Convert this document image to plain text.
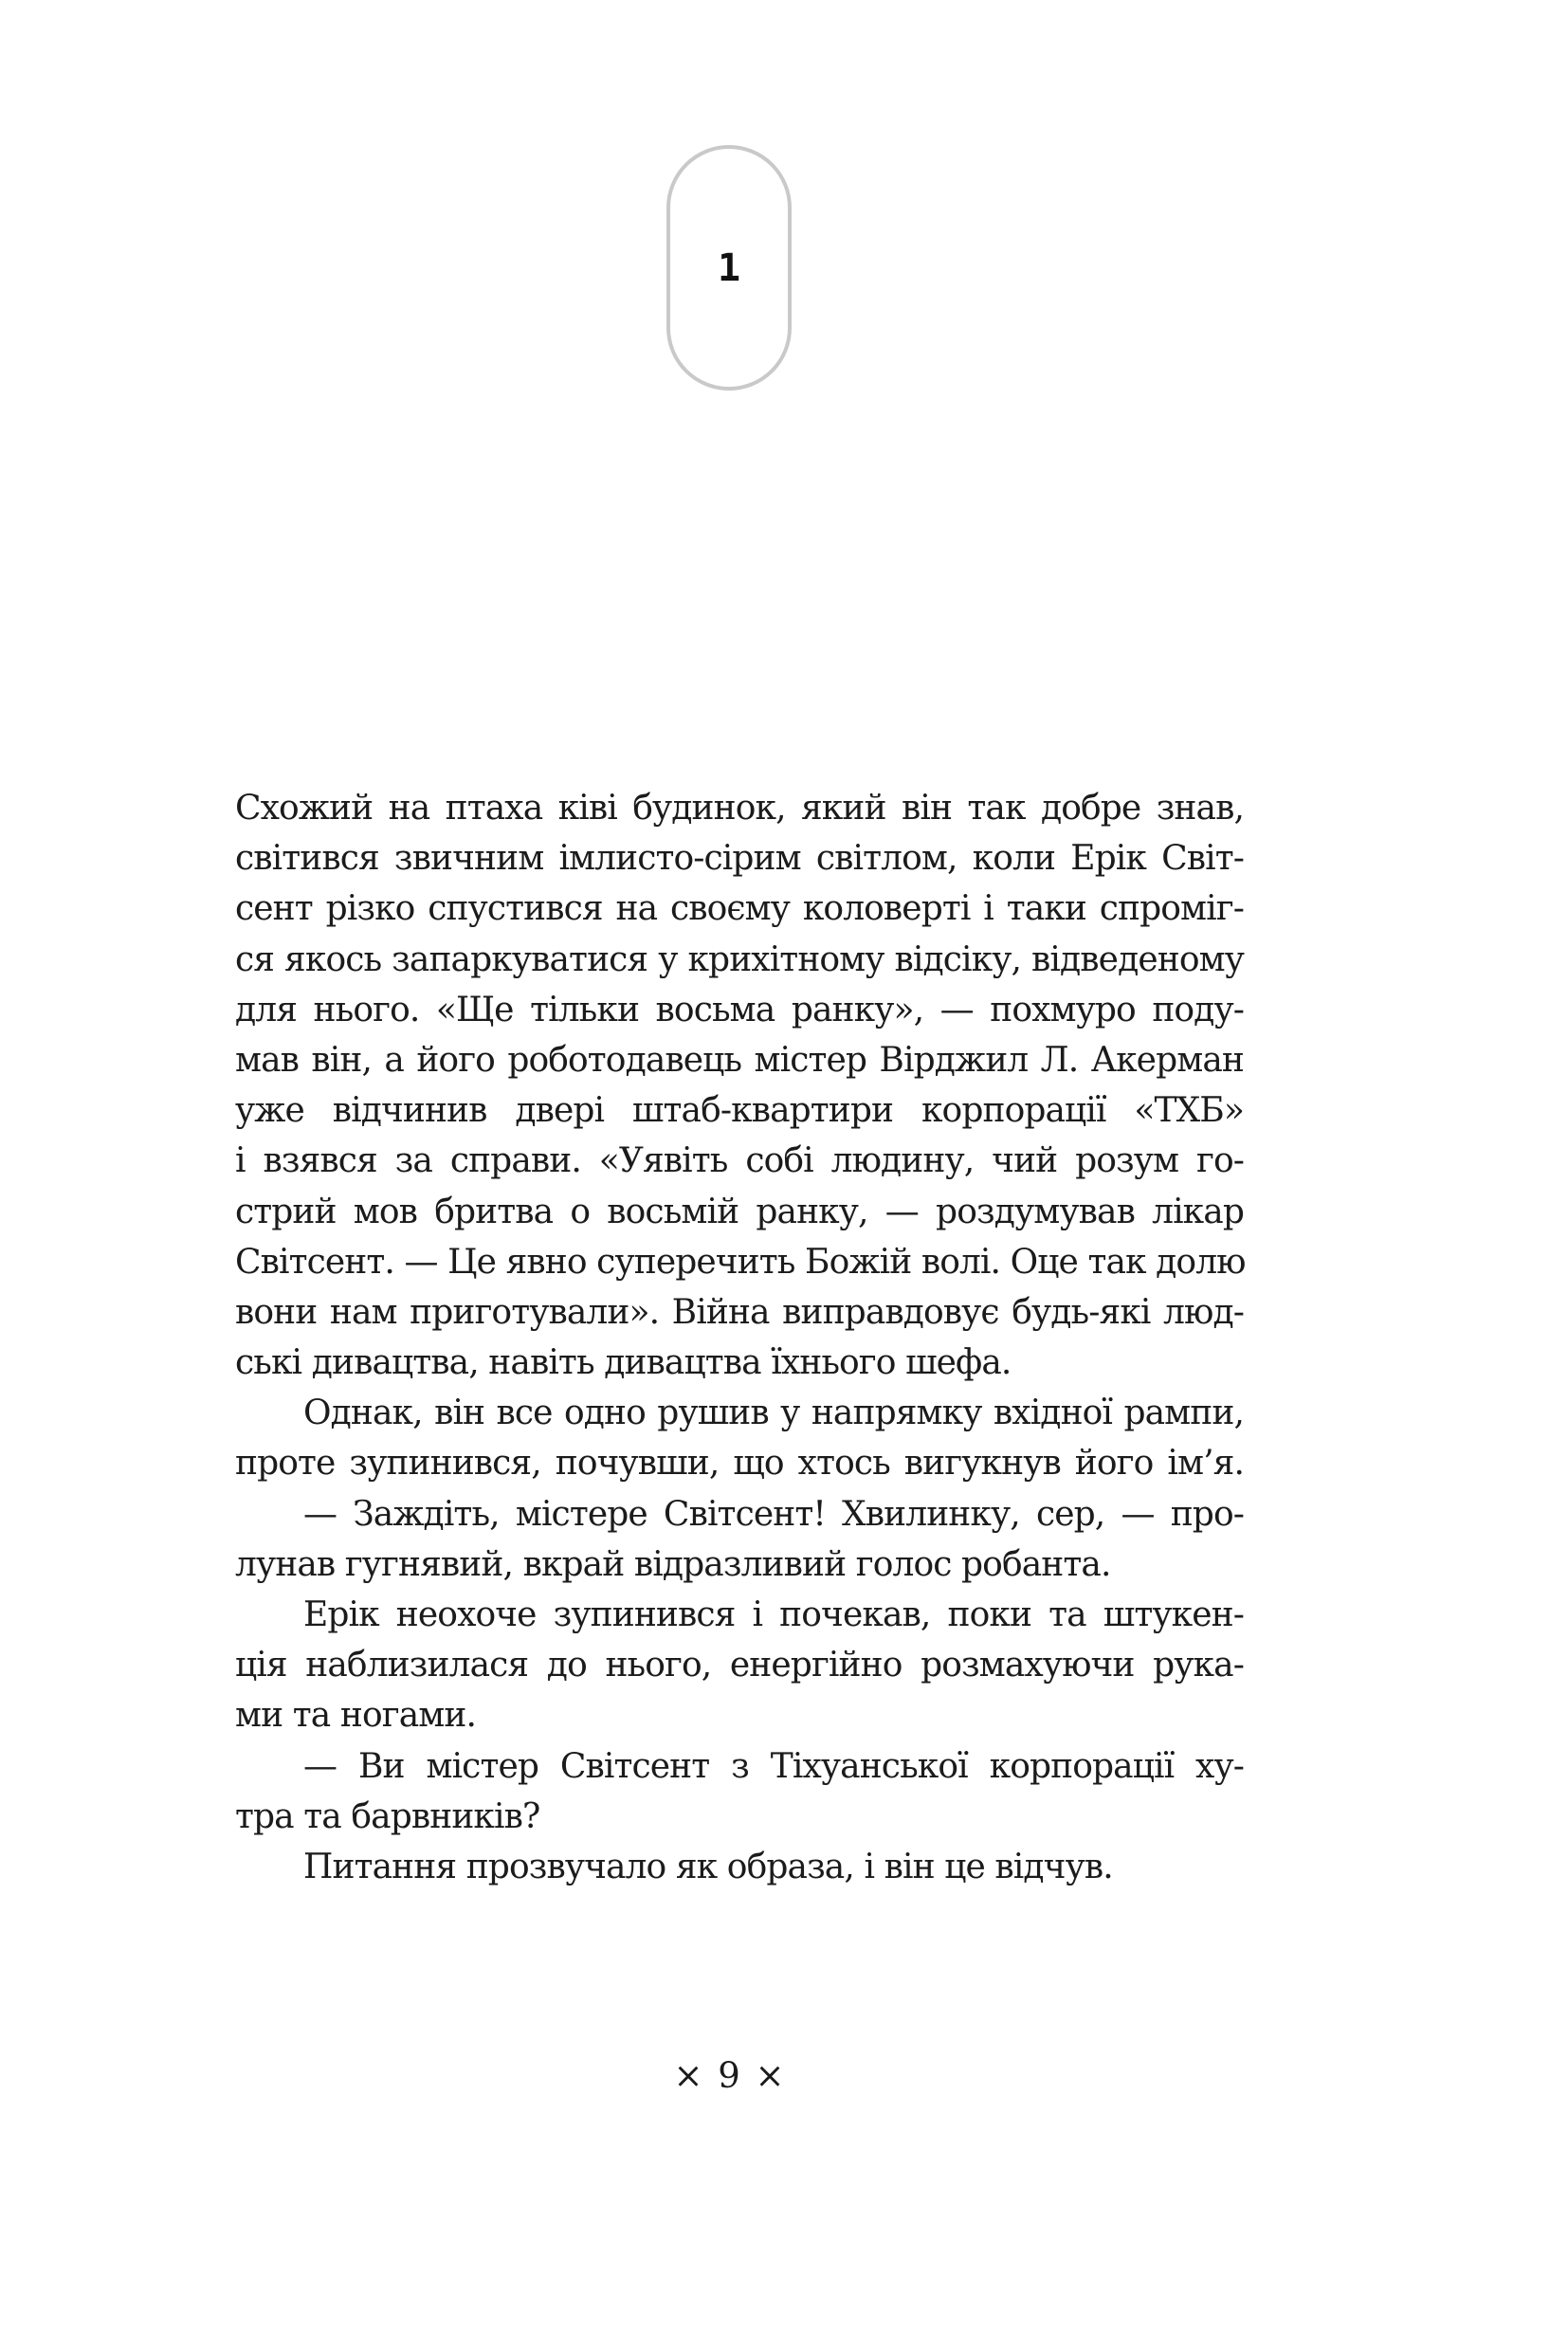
1
Схожий на птаха ківі будинок, який він так добре знав,
світився звичним імлисто-сірим світлом, коли Ерік Світ-
сент різко спустився на своєму коловерті і таки спроміг-
ся якось запаркуватися у крихітному відсіку, відведеному
для нього. «Ще тільки восьма ранку», — похмуро поду-
мав він, а його роботодавець містер Вірджил Л. Акерман
уже відчинив двері штаб-квартири корпорації «ТХБ»
і взявся за справи. «Уявіть собі людину, чий розум го-
стрий мов бритва о восьмій ранку, — роздумував лікар
Світсент. — Це явно суперечить Божій волі. Оце так долю
вони нам приготували». Війна виправдовує будь-які люд-
ські дивацтва, навіть дивацтва їхнього шефа.
Однак, він все одно рушив у напрямку вхідної рампи,
проте зупинився, почувши, що хтось вигукнув його ім’я.
— Заждіть, містере Світсент! Хвилинку, сер, — про-
лунав гугнявий, вкрай відразливий голос робанта.
Ерік неохоче зупинився і почекав, поки та штукен-
ція наблизилася до нього, енергійно розмахуючи рука-
ми та ногами.
— Ви містер Світсент з Тіхуанської корпорації ху-
тра та барвників?
Питання прозвучало як образа, і він це відчув.
× 9 ×
